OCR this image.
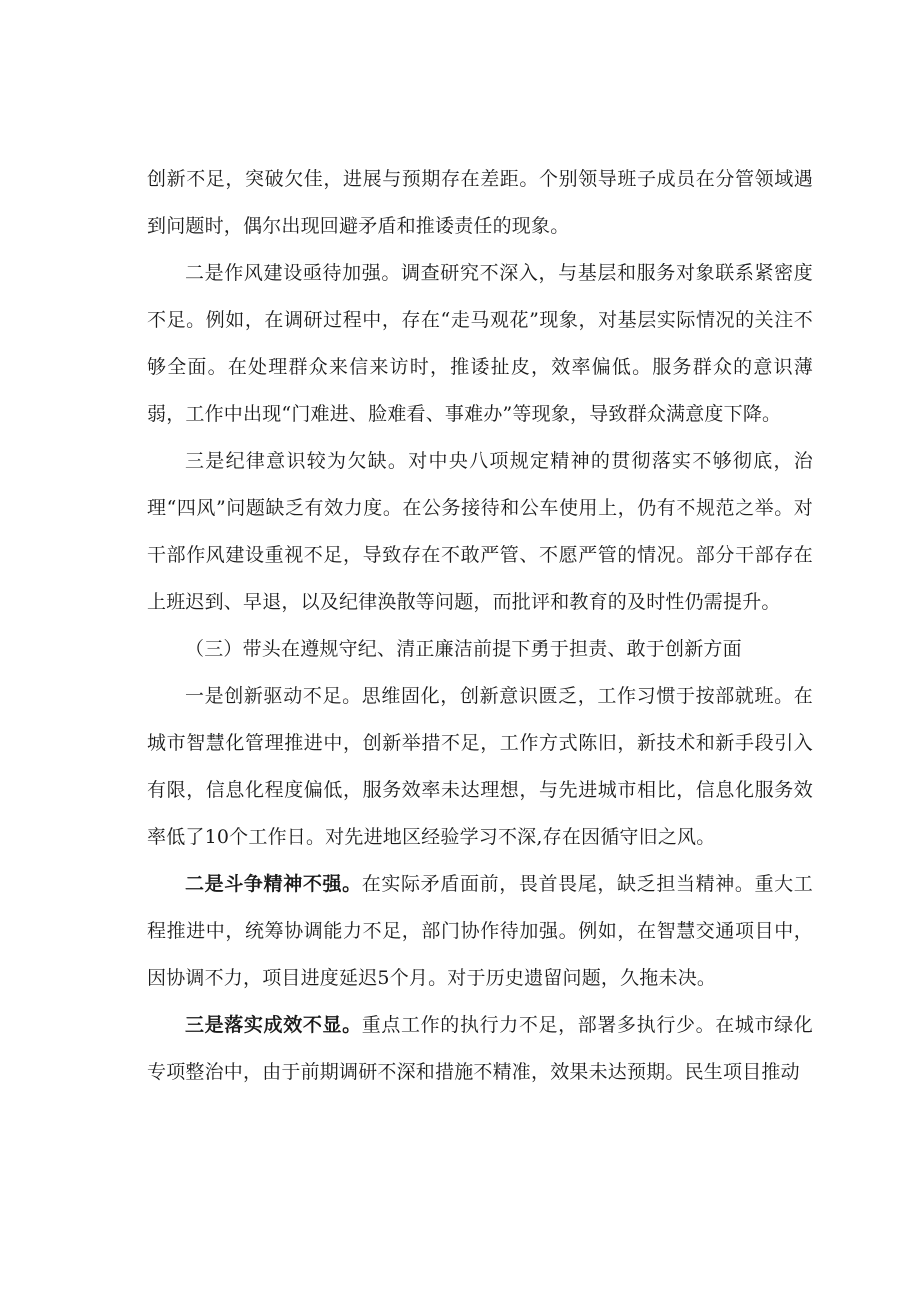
创新不足，突破欠佳，进展与预期存在差距。个别领导班子成员在分管领域遇到问题时，偶尔出现回避矛盾和推诿责任的现象。

二是作风建设亟待加强。调查研究不深入，与基层和服务对象联系紧密度不足。例如，在调研过程中，存在“走马观花”现象，对基层实际情况的关注不够全面。在处理群众来信来访时，推诿扯皮，效率偏低。服务群众的意识薄弱，工作中出现“门难进、脸难看、事难办”等现象，导致群众满意度下降。

三是纪律意识较为欠缺。对中央八项规定精神的贯彻落实不够彻底，治理“四风”问题缺乏有效力度。在公务接待和公车使用上，仍有不规范之举。对干部作风建设重视不足，导致存在不敢严管、不愿严管的情况。部分干部存在上班迟到、早退，以及纪律涣散等问题，而批评和教育的及时性仍需提升。

（三）带头在遵规守纪、清正廉洁前提下勇于担责、敢于创新方面

一是创新驱动不足。思维固化，创新意识匮乏，工作习惯于按部就班。在城市智慧化管理推进中，创新举措不足，工作方式陈旧，新技术和新手段引入有限，信息化程度偏低，服务效率未达理想，与先进城市相比，信息化服务效率低了10个工作日。对先进地区经验学习不深,存在因循守旧之风。

二是斗争精神不强。在实际矛盾面前，畏首畏尾，缺乏担当精神。重大工程推进中，统筹协调能力不足，部门协作待加强。例如，在智慧交通项目中，因协调不力，项目进度延迟5个月。对于历史遗留问题，久拖未决。

三是落实成效不显。重点工作的执行力不足，部署多执行少。在城市绿化专项整治中，由于前期调研不深和措施不精准，效果未达预期。民生项目推动
